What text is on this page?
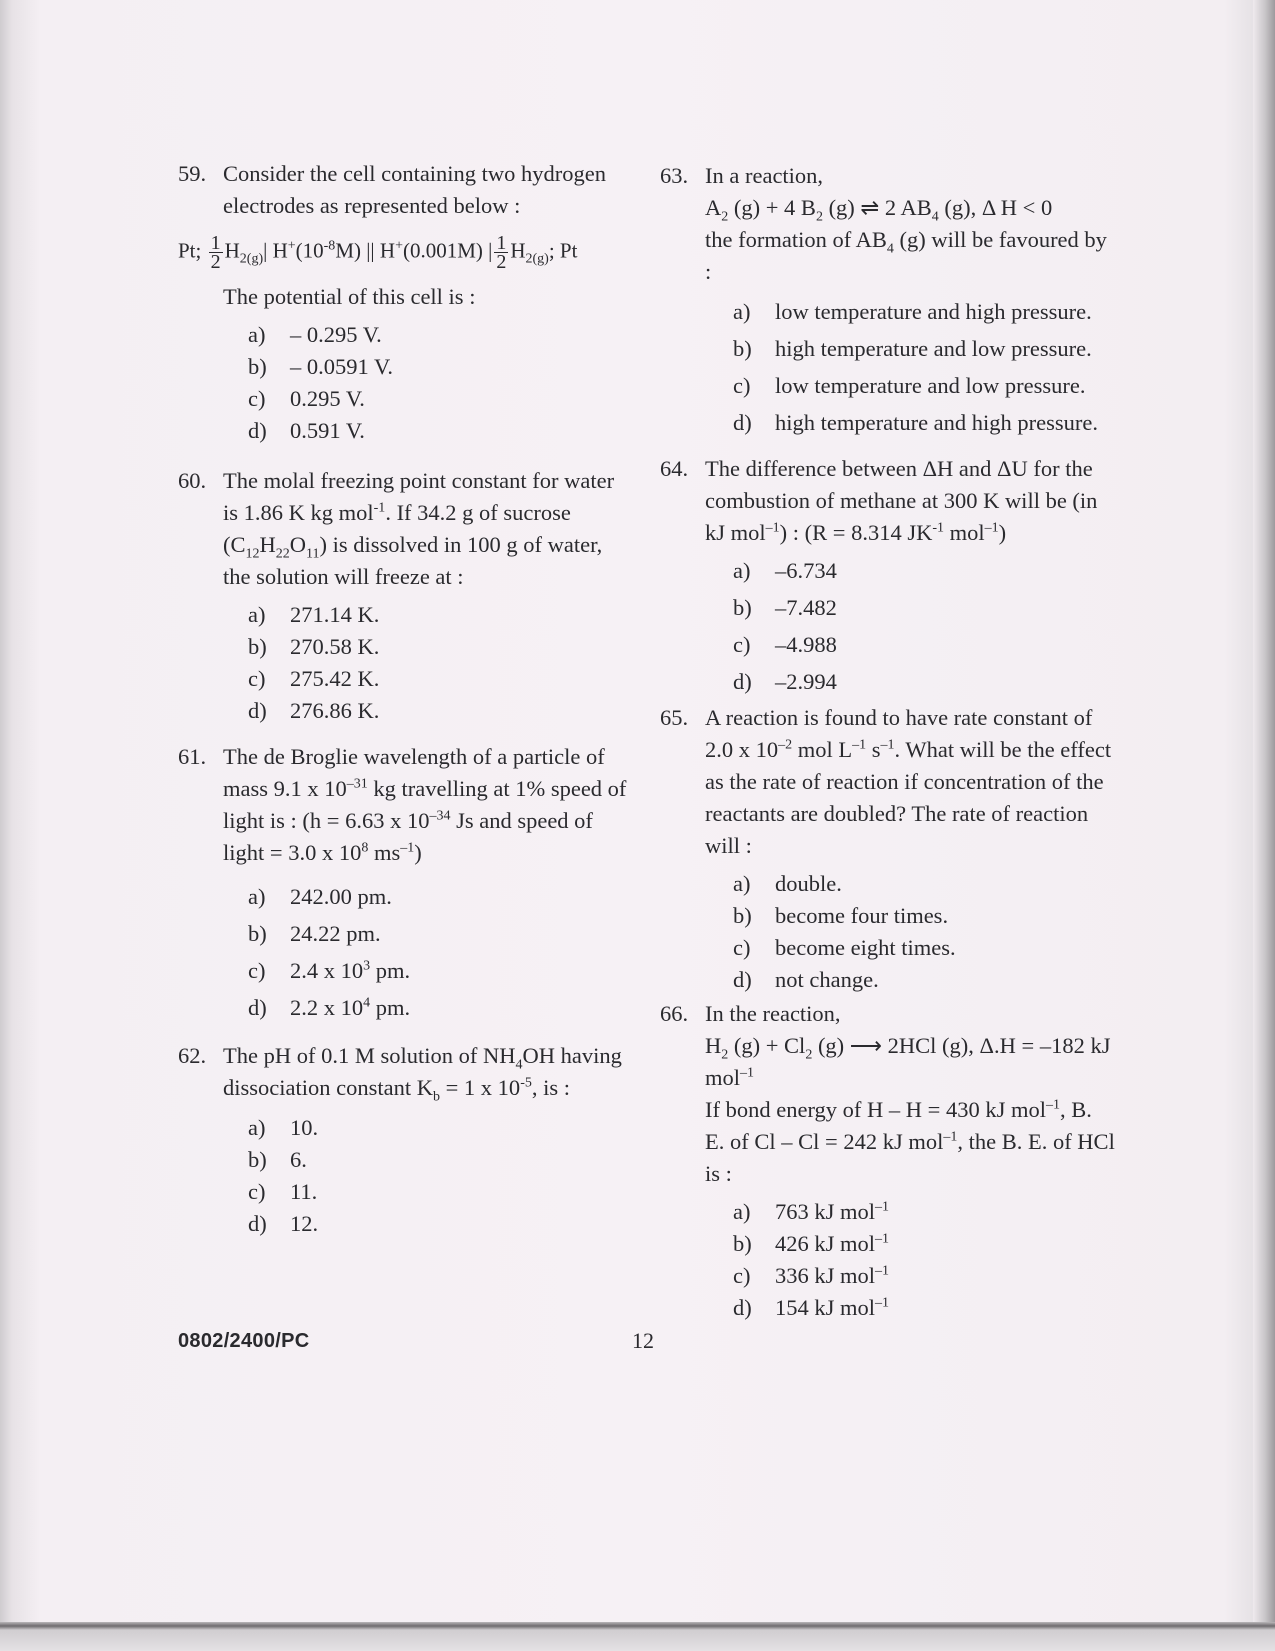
59. Consider the cell containing two hydrogen
electrodes as represented below :
Pt; $\frac{1}{2} H_{2(g)}|$ $H^+(10^{-8}M)$ || H+(0.001M) | $\frac{1}{2} H_{2(g)}$; Pt
The potential of this cell is :
a) – 0.295 V.
b) – 0.0591 V.
c) 0.295 V.
d) 0.591 V.
60. The molal freezing point constant for water is 1.86 K kg mol$^{-1}$. If 34.2 g of sucrose $(C_{12}H_{22}O_{11})$ is dissolved in 100 g of water, the solution will freeze at :
a) 271.14 K.
b) 270.58 K.
c) 275.42 K.
d) 276.86 K.
61. The de Broglie wavelength of a particle of mass 9.1 x $10^{-31}$ kg travelling at 1% speed of light is : (h = 6.63 x $10^{-34}$ Js and speed of light = 3.0 x $10^8$ $ms^{-1}$)
a) 242.00 pm.
b) 24.22 pm.
c) 2.4 x $10^3$ pm.
d) 2.2 x $10^4$ pm.
62. The pH of 0.1 M solution of $NH_4OH$ having dissociation constant $K_b = 1$ x $10^{-5}$, is :
a) 10.
b) 6.
c) 11.
d) 12.
63. In a reaction,
$A_2$ (g) + 4 $B_2$ (g) ⇌ 2 $AB_4$ (g), Δ H < 0
the formation of $AB_4$ (g) will be favoured by :
a) low temperature and high pressure.
b) high temperature and low pressure.
c) low temperature and low pressure.
d) high temperature and high pressure.
64. The difference between ΔH and ΔU for the combustion of methane at 300 K will be (in kJ mol$^{-1}$) : (R = 8.314 $JK^{-1}$ mol$^{-1}$)
a) –6.734
b) –7.482
c) –4.988
d) –2.994
65. A reaction is found to have rate constant of 2.0 x $10^{-2}$ mol $L^{-1}$ $s^{-1}$. What will be the effect as the rate of reaction if concentration of the reactants are doubled? The rate of reaction will :
a) double.
b) become four times.
c) become eight times.
d) not change.
66. In the reaction,
$H_2$ $(g) + Cl_2$ (g) ⟶ 2HCl (g), Δ.H = –182 kJ mol$^{-1}$
If bond energy of H – H = 430 kJ mol$^{-1}$, B. E. of Cl – Cl = 242 kJ mol$^{-1}$, the B. E. of HCl is :
a) 763 kJ mol$^{-1}$
b) 426 kJ mol$^{-1}$
c) 336 kJ mol$^{-1}$
d) 154 kJ mol$^{-1}$
0802/2400/PC	12
